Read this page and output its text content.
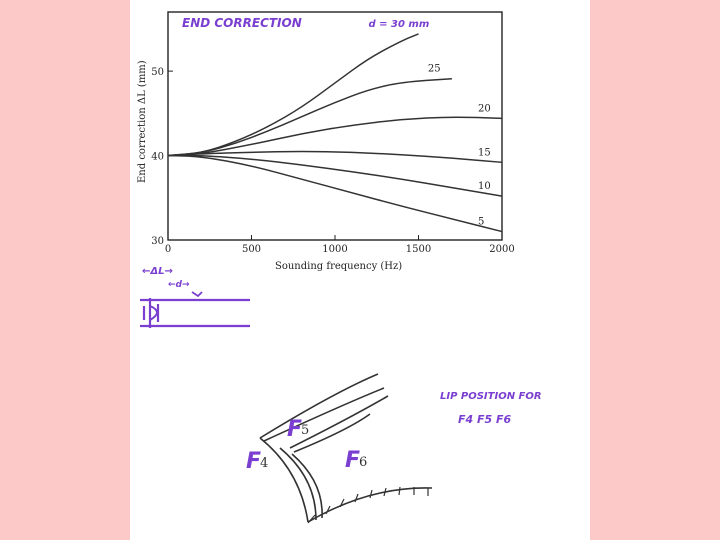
0	500	1000	1500	2000
30
40
50
d = 30 mm
25
20
15
10
5
END CORRECTION
Sounding frequency (Hz)
End correction ΔL (mm)
←ΔL→
←d→
F
4
F
5
F
6
LIP POSITION FOR
F4 F5 F6
